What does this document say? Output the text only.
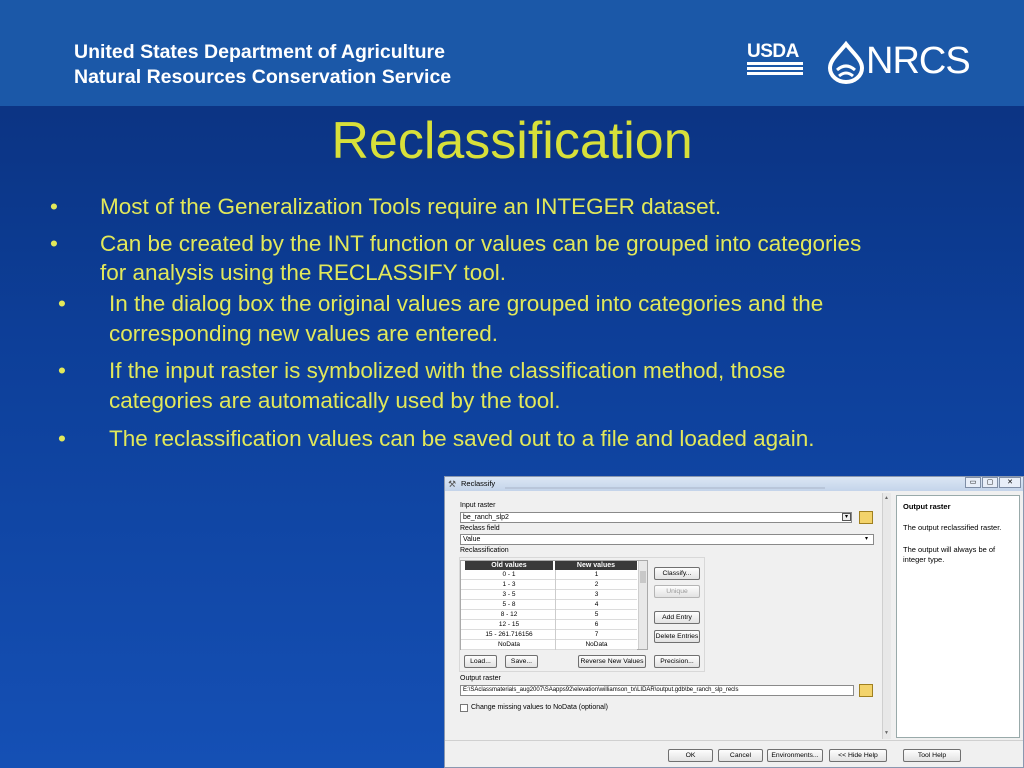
United States Department of Agriculture
Natural Resources Conservation Service
USDA NRCS
Reclassification
• Most of the Generalization Tools require an INTEGER dataset.
• Can be created by the INT function or values can be grouped into categories
for analysis using the RECLASSIFY tool.
• In the dialog box the original values are grouped into categories and the
corresponding new values are entered.
• If the input raster is symbolized with the classification method, those
categories are automatically used by the tool.
• The reclassification values can be saved out to a file and loaded again.
⚒ Reclassify	▭	▢	✕
Input raster
be_ranch_slp2	▾
Reclass field
Value	▾
Reclassification
Old values	New values
0 - 1	1
1 - 3	2
3 - 5	3
5 - 8	4
8 - 12	5
12 - 15	6
15 - 261.716156	7
NoData	NoData
Classify...
Unique
Add Entry
Delete Entries
Load...	Save...	Reverse New Values	Precision...
Output raster
E:\SAclassmaterials_aug2007\SAapps92\elevation\williamson_tx\LIDAR\output.gdb\be_ranch_slp_recls
Change missing values to NoData (optional)
▲
▼
Output raster
The output reclassified raster.
The output will always be of
integer type.
OK	Cancel	Environments...	<< Hide Help	Tool Help
